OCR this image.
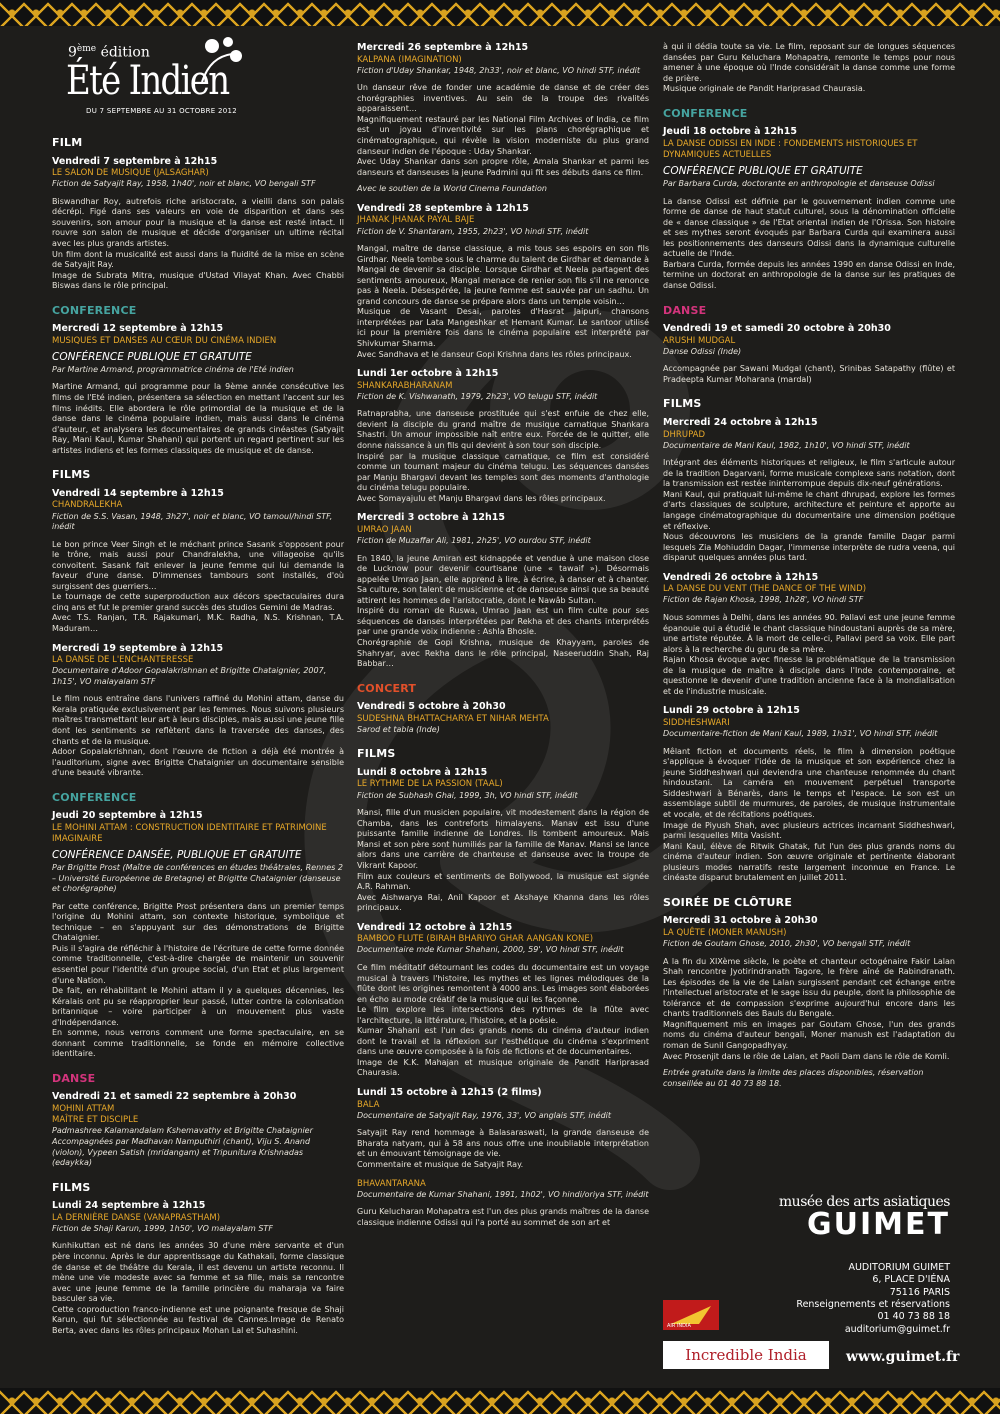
9ème édition
Été Indien
DU 7 SEPTEMBRE AU 31 OCTOBRE 2012
FILM
Vendredi 7 septembre à 12h15
LE SALON DE MUSIQUE (JALSAGHAR)
Fiction de Satyajit Ray, 1958, 1h40', noir et blanc, VO bengali STF

Biswandhar Roy, autrefois riche aristocrate, a vieilli dans son palais décrépi. Figé dans ses valeurs en voie de disparition et dans ses souvenirs, son amour pour la musique et la danse est resté intact. Il rouvre son salon de musique et décide d'organiser un ultime récital avec les plus grands artistes.

Un film dont la musicalité est aussi dans la fluidité de la mise en scène de Satyajit Ray.

Image de Subrata Mitra, musique d'Ustad Vilayat Khan. Avec Chabbi Biswas dans le rôle principal.

CONFERENCE
Mercredi 12 septembre à 12h15
MUSIQUES ET DANSES AU CŒUR DU CINÉMA INDIEN
CONFÉRENCE PUBLIQUE ET GRATUITE
Par Martine Armand, programmatrice cinéma de l'Eté indien

Martine Armand, qui programme pour la 9ème année consécutive les films de l'Eté indien, présentera sa sélection en mettant l'accent sur les films inédits. Elle abordera le rôle primordial de la musique et de la danse dans le cinéma populaire indien, mais aussi dans le cinéma d'auteur, et analysera les documentaires de grands cinéastes (Satyajit Ray, Mani Kaul, Kumar Shahani) qui portent un regard pertinent sur les artistes indiens et les formes classiques de musique et de danse.

FILMS
Vendredi 14 septembre à 12h15
CHANDRALEKHA
Fiction de S.S. Vasan, 1948, 3h27', noir et blanc, VO tamoul/hindi STF, inédit

Le bon prince Veer Singh et le méchant prince Sasank s'opposent pour le trône, mais aussi pour Chandralekha, une villageoise qu'ils convoitent. Sasank fait enlever la jeune femme qui lui demande la faveur d'une danse. D'immenses tambours sont installés, d'où surgissent des guerriers…

Le tournage de cette superproduction aux décors spectaculaires dura cinq ans et fut le premier grand succès des studios Gemini de Madras.

Avec T.S. Ranjan, T.R. Rajakumari, M.K. Radha, N.S. Krishnan, T.A. Maduram…

Mercredi 19 septembre à 12h15
LA DANSE DE L'ENCHANTERESSE
Documentaire d'Adoor Gopalakrishnan et Brigitte Chataignier, 2007, 1h15', VO malayalam STF

Le film nous entraîne dans l'univers raffiné du Mohini attam, danse du Kerala pratiquée exclusivement par les femmes. Nous suivons plusieurs maîtres transmettant leur art à leurs disciples, mais aussi une jeune fille dont les sentiments se reflètent dans la traversée des danses, des chants et de la musique.

Adoor Gopalakrishnan, dont l'œuvre de fiction a déjà été montrée à l'auditorium, signe avec Brigitte Chataignier un documentaire sensible d'une beauté vibrante.

CONFERENCE
Jeudi 20 septembre à 12h15
LE MOHINI ATTAM : CONSTRUCTION IDENTITAIRE ET PATRIMOINE IMAGINAIRE
CONFÉRENCE DANSÉE, PUBLIQUE ET GRATUITE
Par Brigitte Prost (Maître de conférences en études théâtrales, Rennes 2 – Université Européenne de Bretagne) et Brigitte Chataignier (danseuse et chorégraphe)

Par cette conférence, Brigitte Prost présentera dans un premier temps l'origine du Mohini attam, son contexte historique, symbolique et technique – en s'appuyant sur des démonstrations de Brigitte Chataignier.

Puis il s'agira de réfléchir à l'histoire de l'écriture de cette forme donnée comme traditionnelle, c'est-à-dire chargée de maintenir un souvenir essentiel pour l'identité d'un groupe social, d'un Etat et plus largement d'une Nation.

De fait, en réhabilitant le Mohini attam il y a quelques décennies, les Kéralais ont pu se réapproprier leur passé, lutter contre la colonisation britannique – voire participer à un mouvement plus vaste d'Indépendance.

En somme, nous verrons comment une forme spectaculaire, en se donnant comme traditionnelle, se fonde en mémoire collective identitaire.

DANSE
Vendredi 21 et samedi 22 septembre à 20h30
MOHINI ATTAM
MAÎTRE ET DISCIPLE
Padmashree Kalamandalam Kshemavathy et Brigitte Chataignier Accompagnées par Madhavan Namputhiri (chant), Viju S. Anand (violon), Vypeen Satish (mridangam) et Tripunitura Krishnadas (edaykka)
FILMS
Lundi 24 septembre à 12h15
LA DERNIÈRE DANSE (VANAPRASTHAM)
Fiction de Shaji Karun, 1999, 1h50', VO malayalam STF

Kunhikuttan est né dans les années 30 d'une mère servante et d'un père inconnu. Après le dur apprentissage du Kathakali, forme classique de danse et de théâtre du Kerala, il est devenu un artiste reconnu. Il mène une vie modeste avec sa femme et sa fille, mais sa rencontre avec une jeune femme de la famille princière du maharaja va faire basculer sa vie.

Cette coproduction franco-indienne est une poignante fresque de Shaji Karun, qui fut sélectionnée au festival de Cannes.Image de Renato Berta, avec dans les rôles principaux Mohan Lal et Suhashini.

Mercredi 26 septembre à 12h15
KALPANA (IMAGINATION)
Fiction d'Uday Shankar, 1948, 2h33', noir et blanc, VO hindi STF, inédit

Un danseur rêve de fonder une académie de danse et de créer des chorégraphies inventives. Au sein de la troupe des rivalités apparaissent…

Magnifiquement restauré par les National Film Archives of India, ce film est un joyau d'inventivité sur les plans chorégraphique et cinématographique, qui révèle la vision moderniste du plus grand danseur indien de l'époque : Uday Shankar.

Avec Uday Shankar dans son propre rôle, Amala Shankar et parmi les danseurs et danseuses la jeune Padmini qui fit ses débuts dans ce film.

Avec le soutien de la World Cinema Foundation
Vendredi 28 septembre à 12h15
JHANAK JHANAK PAYAL BAJE
Fiction de V. Shantaram, 1955, 2h23', VO hindi STF, inédit

Mangal, maître de danse classique, a mis tous ses espoirs en son fils Girdhar. Neela tombe sous le charme du talent de Girdhar et demande à Mangal de devenir sa disciple. Lorsque Girdhar et Neela partagent des sentiments amoureux, Mangal menace de renier son fils s'il ne renonce pas à Neela. Désespérée, la jeune femme est sauvée par un sadhu. Un grand concours de danse se prépare alors dans un temple voisin…

Musique de Vasant Desai, paroles d'Hasrat Jaipuri, chansons interprétées par Lata Mangeshkar et Hemant Kumar. Le santoor utilisé ici pour la première fois dans le cinéma populaire est interprété par Shivkumar Sharma.

Avec Sandhava et le danseur Gopi Krishna dans les rôles principaux.

Lundi 1er octobre à 12h15
SHANKARABHARANAM
Fiction de K. Vishwanath, 1979, 2h23', VO telugu STF, inédit

Ratnaprabha, une danseuse prostituée qui s'est enfuie de chez elle, devient la disciple du grand maître de musique carnatique Shankara Shastri. Un amour impossible naît entre eux. Forcée de le quitter, elle donne naissance à un fils qui devient à son tour son disciple.

Inspiré par la musique classique carnatique, ce film est considéré comme un tournant majeur du cinéma telugu. Les séquences dansées par Manju Bhargavi devant les temples sont des moments d'anthologie du cinéma telugu populaire.

Avec Somayajulu et Manju Bhargavi dans les rôles principaux.

Mercredi 3 octobre à 12h15
UMRAO JAAN
Fiction de Muzaffar Ali, 1981, 2h25', VO ourdou STF, inédit

En 1840, la jeune Amiran est kidnappée et vendue à une maison close de Lucknow pour devenir courtisane (une « tawaif »). Désormais appelée Umrao Jaan, elle apprend à lire, à écrire, à danser et à chanter. Sa culture, son talent de musicienne et de danseuse ainsi que sa beauté attirent les hommes de l'aristocratie, dont le Nawâb Sultan.

Inspiré du roman de Ruswa, Umrao Jaan est un film culte pour ses séquences de danses interprétées par Rekha et des chants interprétés par une grande voix indienne : Ashla Bhosle.

Chorégraphie de Gopi Krishna, musique de Khayyam, paroles de Shahryar, avec Rekha dans le rôle principal, Naseeruddin Shah, Raj Babbar…

CONCERT
Vendredi 5 octobre à 20h30
SUDESHNA BHATTACHARYA ET NIHAR MEHTA
Sarod et tabla (Inde)
FILMS
Lundi 8 octobre à 12h15
LE RYTHME DE LA PASSION (TAAL)
Fiction de Subhash Ghai, 1999, 3h, VO hindi STF, inédit

Mansi, fille d'un musicien populaire, vit modestement dans la région de Chamba, dans les contreforts himalayens. Manav est issu d'une puissante famille indienne de Londres. Ils tombent amoureux. Mais Mansi et son père sont humiliés par la famille de Manav. Mansi se lance alors dans une carrière de chanteuse et danseuse avec la troupe de Vikrant Kapoor.

Film aux couleurs et sentiments de Bollywood, la musique est signée A.R. Rahman.

Avec Aishwarya Rai, Anil Kapoor et Akshaye Khanna dans les rôles principaux.

Vendredi 12 octobre à 12h15
BAMBOO FLUTE (BIRAH BHARIYO GHAR AANGAN KONE)
Documentaire mde Kumar Shahani, 2000, 59', VO hindi STF, inédit

Ce film méditatif détournant les codes du documentaire est un voyage musical à travers l'histoire, les mythes et les lignes mélodiques de la flûte dont les origines remontent à 4000 ans. Les images sont élaborées en écho au mode créatif de la musique qui les façonne.

Le film explore les intersections des rythmes de la flûte avec l'architecture, la littérature, l'histoire, et la poésie.

Kumar Shahani est l'un des grands noms du cinéma d'auteur indien dont le travail et la réflexion sur l'esthétique du cinéma s'expriment dans une œuvre composée à la fois de fictions et de documentaires.

Image de K.K. Mahajan et musique originale de Pandit Hariprasad Chaurasia.

Lundi 15 octobre à 12h15 (2 films)
BALA
Documentaire de Satyajit Ray, 1976, 33', VO anglais STF, inédit

Satyajit Ray rend hommage à Balasaraswati, la grande danseuse de Bharata natyam, qui à 58 ans nous offre une inoubliable interprétation et un émouvant témoignage de vie.

Commentaire et musique de Satyajit Ray.

BHAVANTARANA
Documentaire de Kumar Shahani, 1991, 1h02', VO hindi/oriya STF, inédit

Guru Kelucharan Mohapatra est l'un des plus grands maîtres de la danse classique indienne Odissi qui l'a porté au sommet de son art et

à qui il dédia toute sa vie. Le film, reposant sur de longues séquences dansées par Guru Keluchara Mohapatra, remonte le temps pour nous amener à une époque où l'Inde considérait la danse comme une forme de prière.

Musique originale de Pandit Hariprasad Chaurasia.

CONFERENCE
Jeudi 18 octobre à 12h15
LA DANSE ODISSI EN INDE : FONDEMENTS HISTORIQUES ET DYNAMIQUES ACTUELLES
CONFÉRENCE PUBLIQUE ET GRATUITE
Par Barbara Curda, doctorante en anthropologie et danseuse Odissi

La danse Odissi est définie par le gouvernement indien comme une forme de danse de haut statut culturel, sous la dénomination officielle de « danse classique » de l'Etat oriental indien de l'Orissa. Son histoire et ses mythes seront évoqués par Barbara Curda qui examinera aussi les positionnements des danseurs Odissi dans la dynamique culturelle actuelle de l'Inde.

Barbara Curda, formée depuis les années 1990 en danse Odissi en Inde, termine un doctorat en anthropologie de la danse sur les pratiques de danse Odissi.

DANSE
Vendredi 19 et samedi 20 octobre à 20h30
ARUSHI MUDGAL
Danse Odissi (Inde)

Accompagnée par Sawani Mudgal (chant), Srinibas Satapathy (flûte) et Pradeepta Kumar Moharana (mardal)

FILMS
Mercredi 24 octobre à 12h15
DHRUPAD
Documentaire de Mani Kaul, 1982, 1h10', VO hindi STF, inédit

Intégrant des éléments historiques et religieux, le film s'articule autour de la tradition Dagarvani, forme musicale complexe sans notation, dont la transmission est restée ininterrompue depuis dix-neuf générations.

Mani Kaul, qui pratiquait lui-même le chant dhrupad, explore les formes d'arts classiques de sculpture, architecture et peinture et apporte au langage cinématographique du documentaire une dimension poétique et réflexive.

Nous découvrons les musiciens de la grande famille Dagar parmi lesquels Zia Mohiuddin Dagar, l'immense interprète de rudra veena, qui disparut quelques années plus tard.

Vendredi 26 octobre à 12h15
LA DANSE DU VENT (THE DANCE OF THE WIND)
Fiction de Rajan Khosa, 1998, 1h28', VO hindi STF

Nous sommes à Delhi, dans les années 90. Pallavi est une jeune femme épanouie qui a étudié le chant classique hindoustani auprès de sa mère, une artiste réputée. À la mort de celle-ci, Pallavi perd sa voix. Elle part alors à la recherche du guru de sa mère.

Rajan Khosa évoque avec finesse la problématique de la transmission de la musique de maître à disciple dans l'Inde contemporaine, et questionne le devenir d'une tradition ancienne face à la mondialisation et de l'industrie musicale.

Lundi 29 octobre à 12h15
SIDDHESHWARI
Documentaire-fiction de Mani Kaul, 1989, 1h31', VO hindi STF, inédit

Mêlant fiction et documents réels, le film à dimension poétique s'applique à évoquer l'idée de la musique et son expérience chez la jeune Siddheshwari qui deviendra une chanteuse renommée du chant hindoustani. La caméra en mouvement perpétuel transporte Siddeshwari à Bénarès, dans le temps et l'espace. Le son est un assemblage subtil de murmures, de paroles, de musique instrumentale et vocale, et de récitations poétiques.

Image de Piyush Shah, avec plusieurs actrices incarnant Siddheshwari, parmi lesquelles Mita Vasisht.

Mani Kaul, élève de Ritwik Ghatak, fut l'un des plus grands noms du cinéma d'auteur indien. Son œuvre originale et pertinente élaborant plusieurs modes narratifs reste largement inconnue en France. Le cinéaste disparut brutalement en juillet 2011.

SOIRÉE DE CLÔTURE
Mercredi 31 octobre à 20h30
LA QUÊTE (MONER MANUSH)
Fiction de Goutam Ghose, 2010, 2h30', VO bengali STF, inédit

A la fin du XIXème siècle, le poète et chanteur octogénaire Fakir Lalan Shah rencontre Jyotirindranath Tagore, le frère aîné de Rabindranath. Les épisodes de la vie de Lalan surgissent pendant cet échange entre l'intellectuel aristocrate et le sage issu du peuple, dont la philosophie de tolérance et de compassion s'exprime aujourd'hui encore dans les chants traditionnels des Bauls du Bengale.

Magnifiquement mis en images par Goutam Ghose, l'un des grands noms du cinéma d'auteur bengali, Moner manush est l'adaptation du roman de Sunil Gangopadhyay.

Avec Prosenjit dans le rôle de Lalan, et Paoli Dam dans le rôle de Komli.

Entrée gratuite dans la limite des places disponibles, réservation conseillée au 01 40 73 88 18.
musée des arts asiatiques
GUIMET
AUDITORIUM GUIMET
6, PLACE D'IÉNA
75116 PARIS
Renseignements et réservations
01 40 73 88 18
auditorium@guimet.fr
AIR INDIA
Incredible India	www.guimet.fr
